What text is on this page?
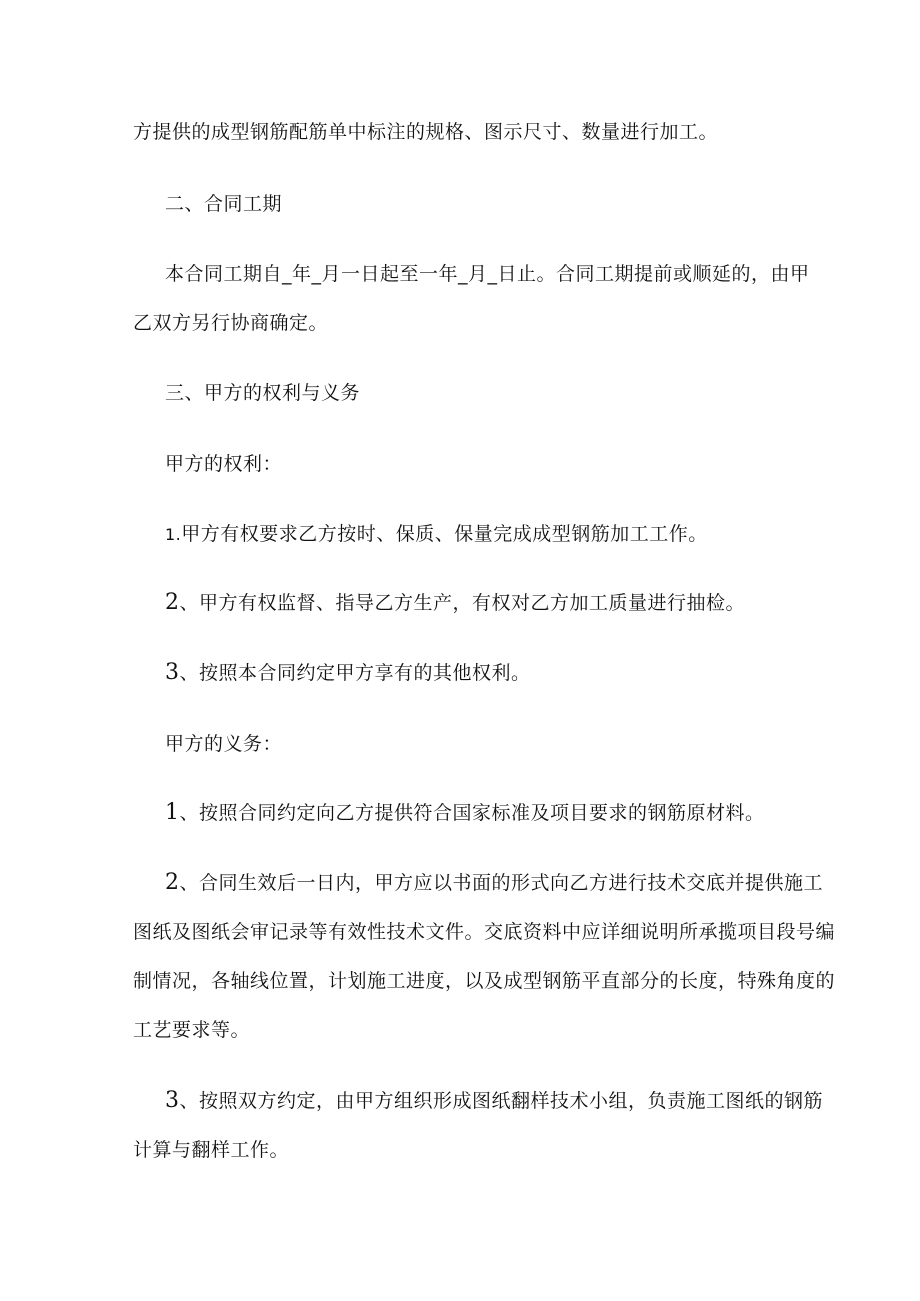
方提供的成型钢筋配筋单中标注的规格、图示尺寸、数量进行加工。
二、合同工期
本合同工期自_年_月一日起至一年_月_日止。合同工期提前或顺延的，由甲
乙双方另行协商确定。
三、甲方的权利与义务
甲方的权利：
1.甲方有权要求乙方按时、保质、保量完成成型钢筋加工工作。
2、甲方有权监督、指导乙方生产，有权对乙方加工质量进行抽检。
3、按照本合同约定甲方享有的其他权利。
甲方的义务：
1、按照合同约定向乙方提供符合国家标准及项目要求的钢筋原材料。
2、合同生效后一日内，甲方应以书面的形式向乙方进行技术交底并提供施工
图纸及图纸会审记录等有效性技术文件。交底资料中应详细说明所承揽项目段号编
制情况，各轴线位置，计划施工进度，以及成型钢筋平直部分的长度，特殊角度的
工艺要求等。
3、按照双方约定，由甲方组织形成图纸翻样技术小组，负责施工图纸的钢筋
计算与翻样工作。
